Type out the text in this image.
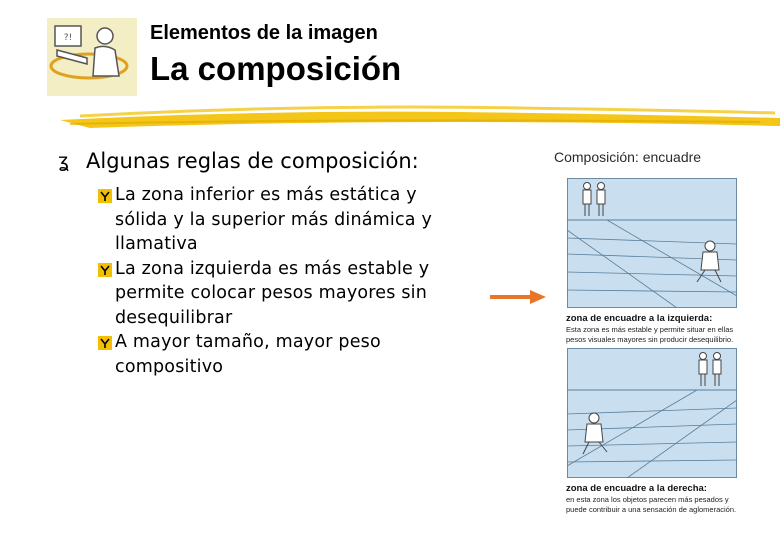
?!	Elementos de la imagen
La composición
ʓ Algunas reglas de composición:
La zona inferior es más estática y sólida y la superior más dinámica y llamativa
La zona izquierda es más estable y permite colocar pesos mayores sin desequilibrar
A mayor tamaño, mayor peso compositivo
Composición: encuadre
zona de encuadre a la izquierda:
Esta zona es más estable y permite situar en ellas pesos visuales mayores sin producir desequilibrio.
zona de encuadre a la derecha:
en esta zona los objetos parecen más pesados y puede contribuir a una sensación de aglomeración.
